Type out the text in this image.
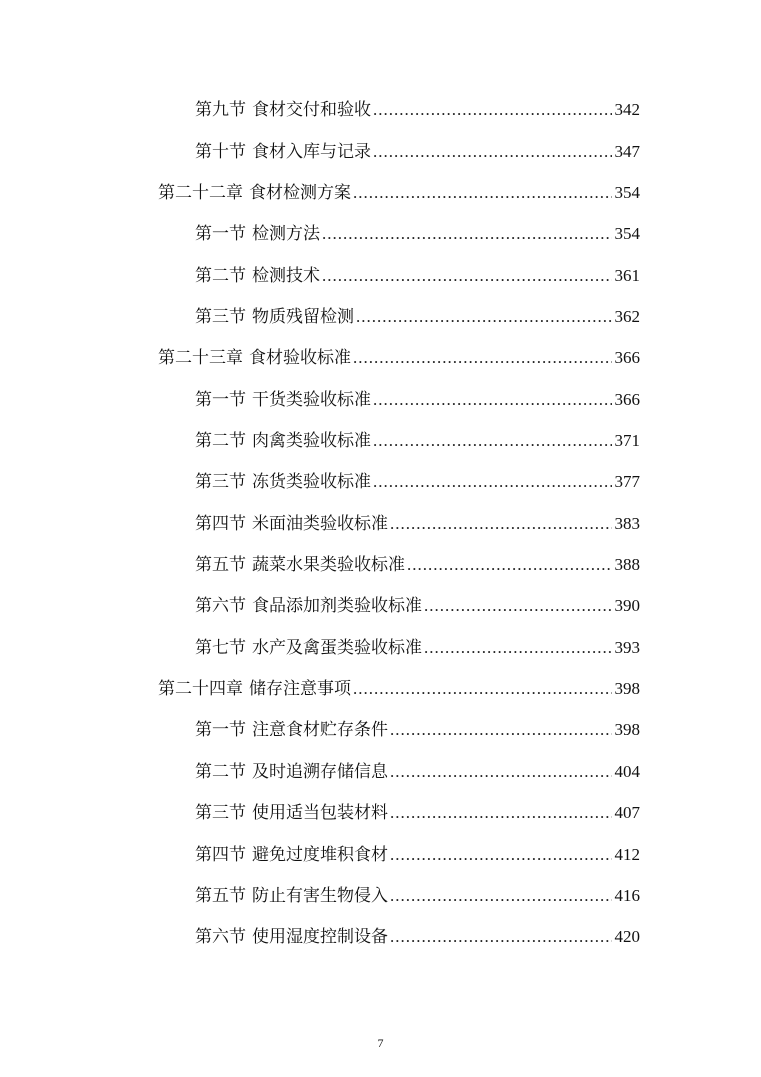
第九节 食材交付和验收 .....	342
第十节 食材入库与记录 .....	347
第二十二章 食材检测方案 .....	354
第一节 检测方法 .....	354
第二节 检测技术 .....	361
第三节 物质残留检测 .....	362
第二十三章 食材验收标准 .....	366
第一节 干货类验收标准 .....	366
第二节 肉禽类验收标准 .....	371
第三节 冻货类验收标准 .....	377
第四节 米面油类验收标准 .....	383
第五节 蔬菜水果类验收标准 .....	388
第六节 食品添加剂类验收标准 .....	390
第七节 水产及禽蛋类验收标准 .....	393
第二十四章 储存注意事项 .....	398
第一节 注意食材贮存条件 .....	398
第二节 及时追溯存储信息 .....	404
第三节 使用适当包装材料 .....	407
第四节 避免过度堆积食材 .....	412
第五节 防止有害生物侵入 .....	416
第六节 使用湿度控制设备 .....	420
7
